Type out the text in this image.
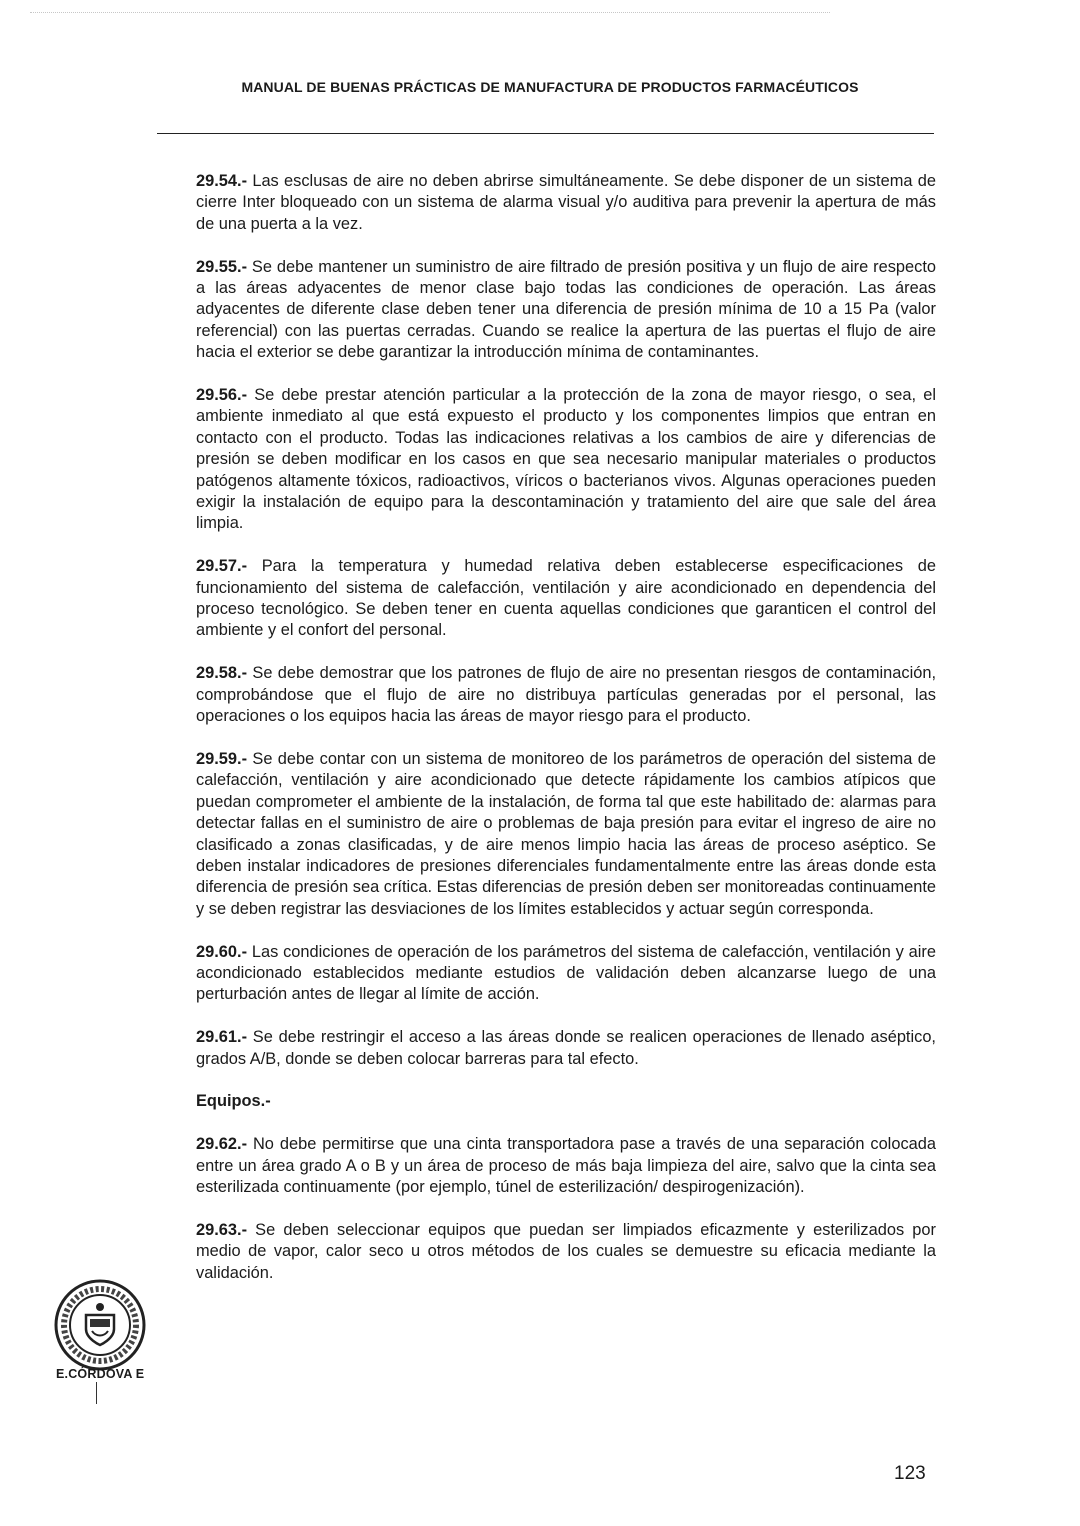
MANUAL DE BUENAS PRÁCTICAS DE MANUFACTURA DE PRODUCTOS FARMACÉUTICOS

29.54.- Las esclusas de aire no deben abrirse simultáneamente. Se debe disponer de un sistema de cierre Inter bloqueado con un sistema de alarma visual y/o auditiva para prevenir la apertura de más de una puerta a la vez.

29.55.- Se debe mantener un suministro de aire filtrado de presión positiva y un flujo de aire respecto a las áreas adyacentes de menor clase bajo todas las condiciones de operación. Las áreas adyacentes de diferente clase deben tener una diferencia de presión mínima de 10 a 15 Pa (valor referencial) con las puertas cerradas. Cuando se realice la apertura de las puertas el flujo de aire hacia el exterior se debe garantizar la introducción mínima de contaminantes.

29.56.- Se debe prestar atención particular a la protección de la zona de mayor riesgo, o sea, el ambiente inmediato al que está expuesto el producto y los componentes limpios que entran en contacto con el producto. Todas las indicaciones relativas a los cambios de aire y diferencias de presión se deben modificar en los casos en que sea necesario manipular materiales o productos patógenos altamente tóxicos, radioactivos, víricos o bacterianos vivos. Algunas operaciones pueden exigir la instalación de equipo para la descontaminación y tratamiento del aire que sale del área limpia.

29.57.- Para la temperatura y humedad relativa deben establecerse especificaciones de funcionamiento del sistema de calefacción, ventilación y aire acondicionado en dependencia del proceso tecnológico. Se deben tener en cuenta aquellas condiciones que garanticen el control del ambiente y el confort del personal.

29.58.- Se debe demostrar que los patrones de flujo de aire no presentan riesgos de contaminación, comprobándose que el flujo de aire no distribuya partículas generadas por el personal, las operaciones o los equipos hacia las áreas de mayor riesgo para el producto.

29.59.- Se debe contar con un sistema de monitoreo de los parámetros de operación del sistema de calefacción, ventilación y aire acondicionado que detecte rápidamente los cambios atípicos que puedan comprometer el ambiente de la instalación, de forma tal que este habilitado de: alarmas para detectar fallas en el suministro de aire o problemas de baja presión para evitar el ingreso de aire no clasificado a zonas clasificadas, y de aire menos limpio hacia las áreas de proceso aséptico. Se deben instalar indicadores de presiones diferenciales fundamentalmente entre las áreas donde esta diferencia de presión sea crítica. Estas diferencias de presión deben ser monitoreadas continuamente y se deben registrar las desviaciones de los límites establecidos y actuar según corresponda.

29.60.- Las condiciones de operación de los parámetros del sistema de calefacción, ventilación y aire acondicionado establecidos mediante estudios de validación deben alcanzarse luego de una perturbación antes de llegar al límite de acción.

29.61.- Se debe restringir el acceso a las áreas donde se realicen operaciones de llenado aséptico, grados A/B, donde se deben colocar barreras para tal efecto.

Equipos.-

29.62.- No debe permitirse que una cinta transportadora pase a través de una separación colocada entre un área grado A o B y un área de proceso de más baja limpieza del aire, salvo que la cinta sea esterilizada continuamente (por ejemplo, túnel de esterilización/ despirogenización).

29.63.- Se deben seleccionar equipos que puedan ser limpiados eficazmente y esterilizados por medio de vapor, calor seco u otros métodos de los cuales se demuestre su eficacia mediante la validación.

E.CÓRDOVA E
123
